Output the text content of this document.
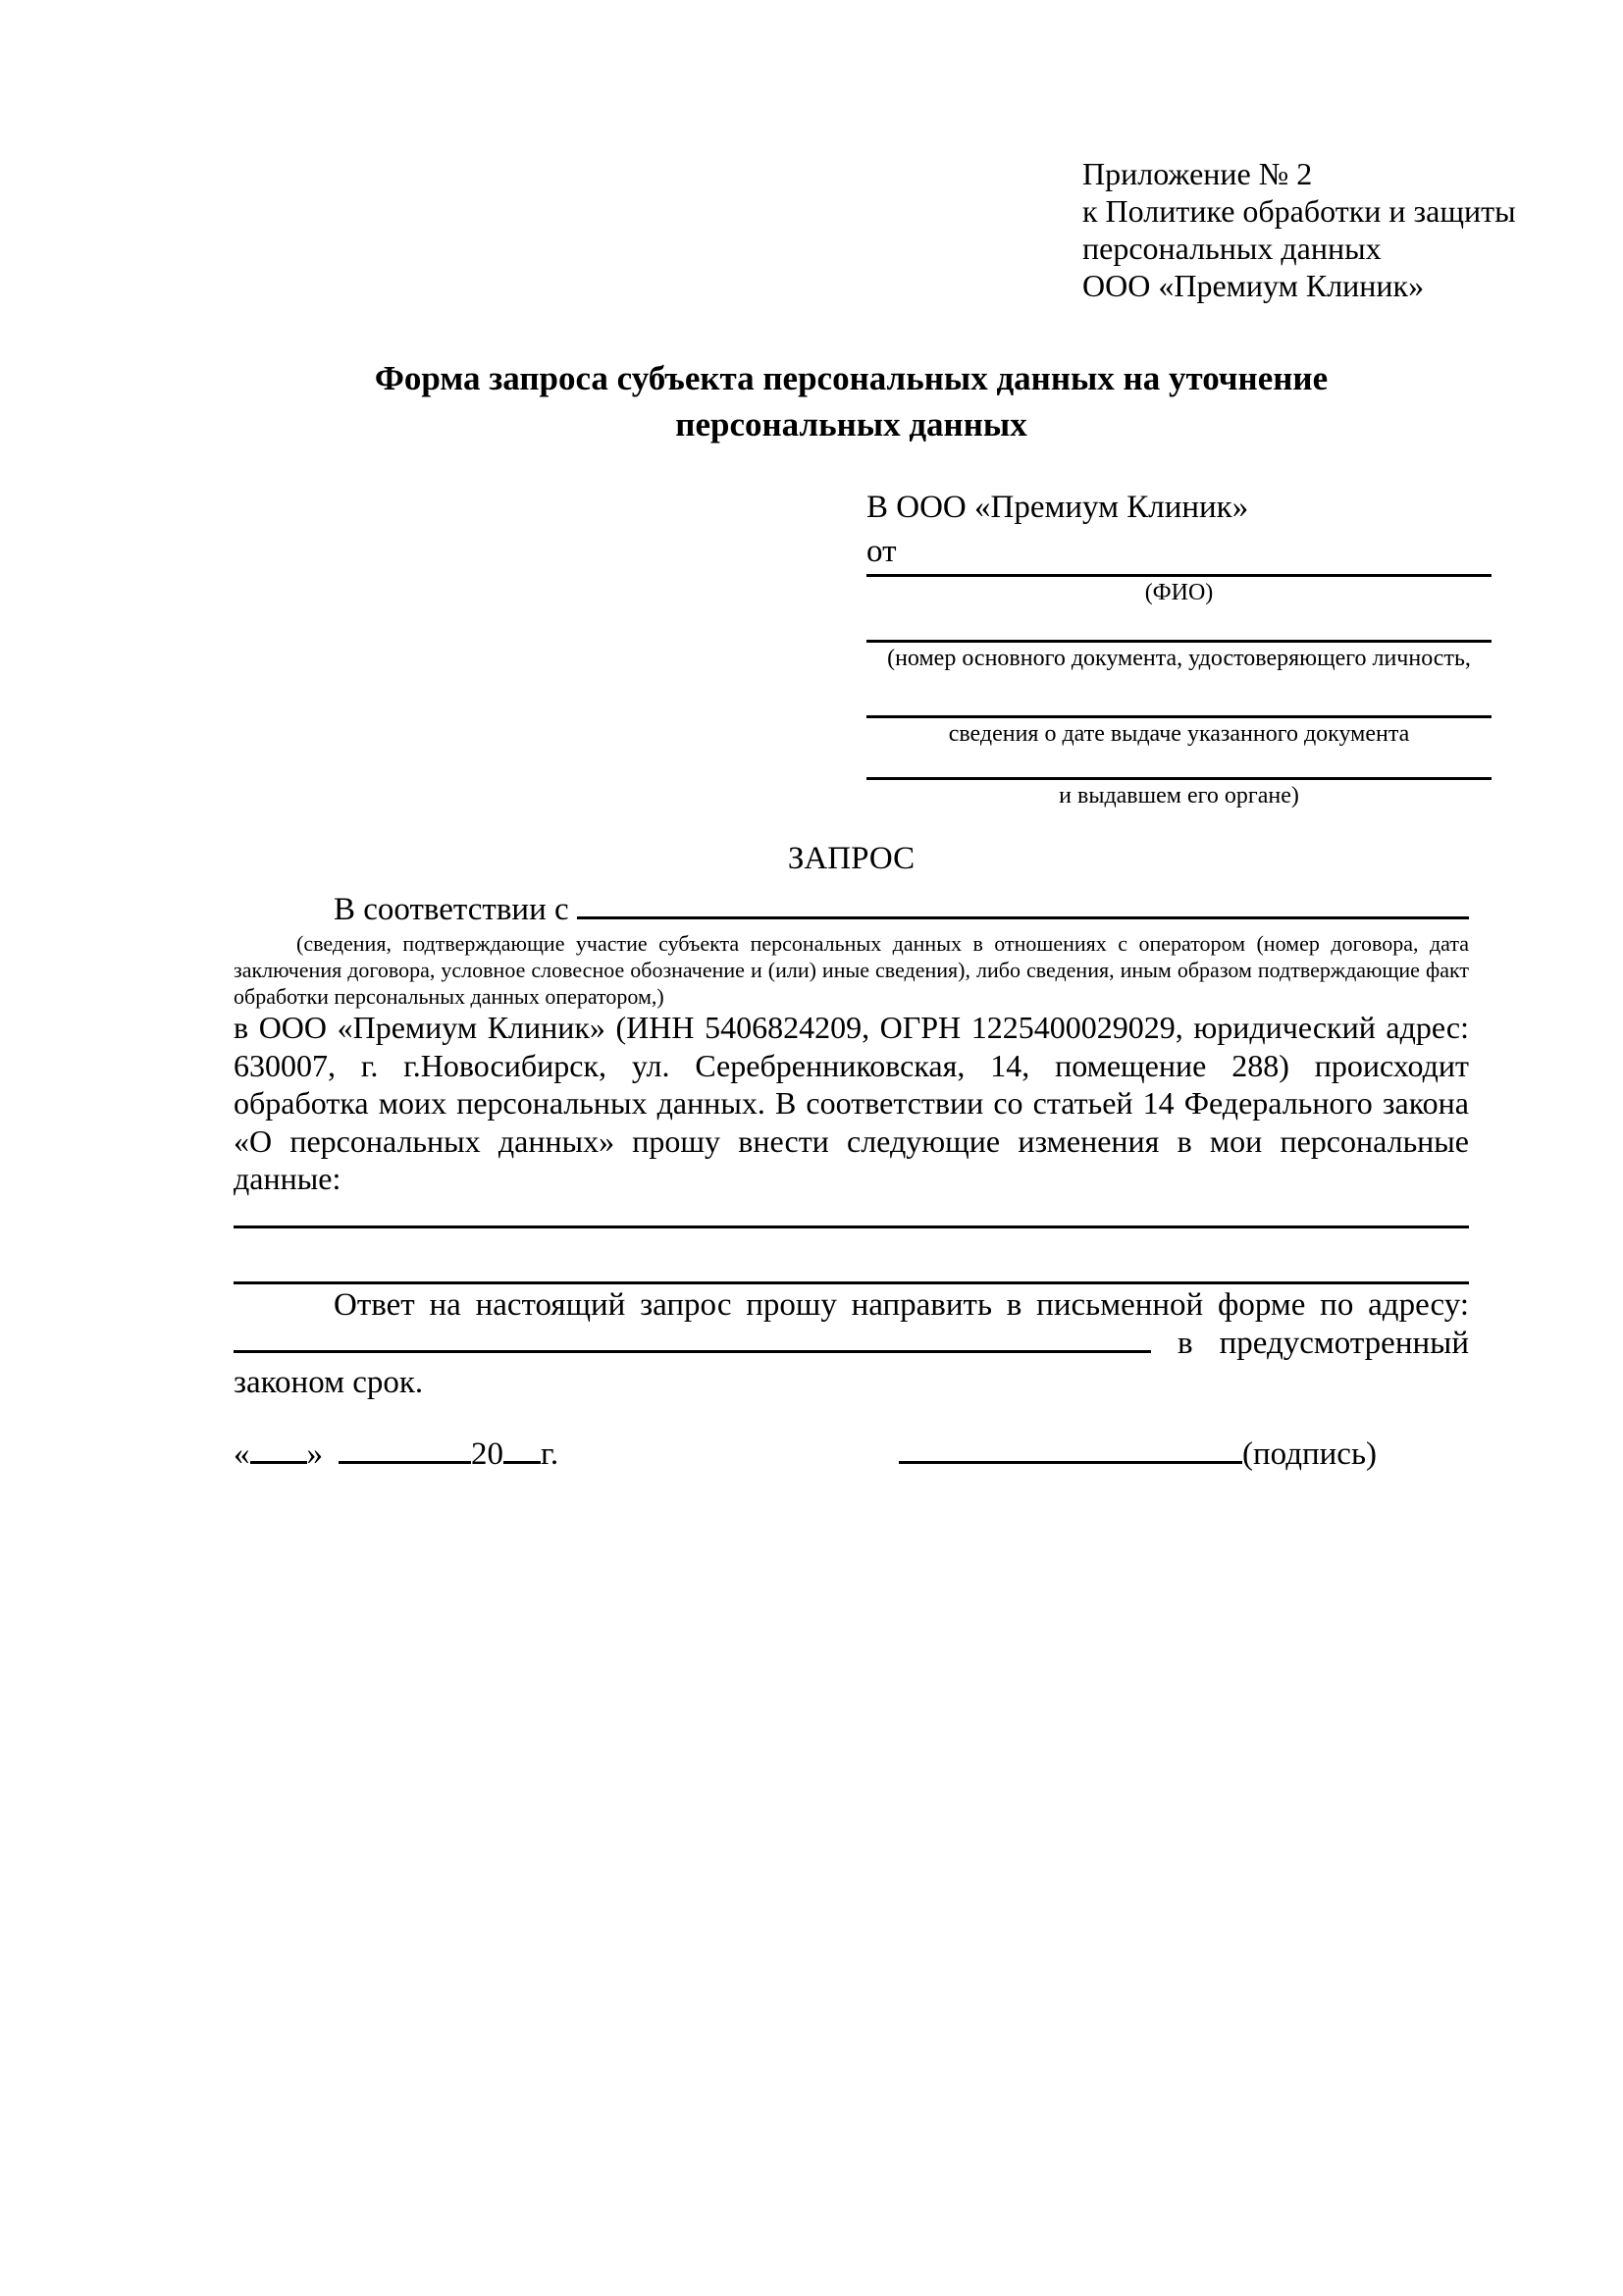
Приложение № 2
к Политике обработки и защиты
персональных данных
ООО «Премиум Клиник»
Форма запроса субъекта персональных данных на уточнение
персональных данных
В ООО «Премиум Клиник»
от
(ФИО)
(номер основного документа, удостоверяющего личность,
сведения о дате выдаче указанного документа
и выдавшем его органе)
ЗАПРОС
В соответствии с
(сведения, подтверждающие участие субъекта персональных данных в отношениях с оператором (номер договора, дата
заключения договора, условное словесное обозначение и (или) иные сведения), либо сведения, иным образом подтверждающие факт
обработки персональных данных оператором,)
в ООО «Премиум Клиник» (ИНН 5406824209, ОГРН 1225400029029, юридический адрес:
630007, г. г.Новосибирск, ул. Серебренниковская, 14, помещение 288) происходит
обработка моих персональных данных. В соответствии со статьей 14 Федерального закона
«О персональных данных» прошу внести следующие изменения в мои персональные
данные:
Ответ на настоящий запрос прошу направить в письменной форме по адресу:
в предусмотренный
законом срок.
« »	20 г.	(подпись)
